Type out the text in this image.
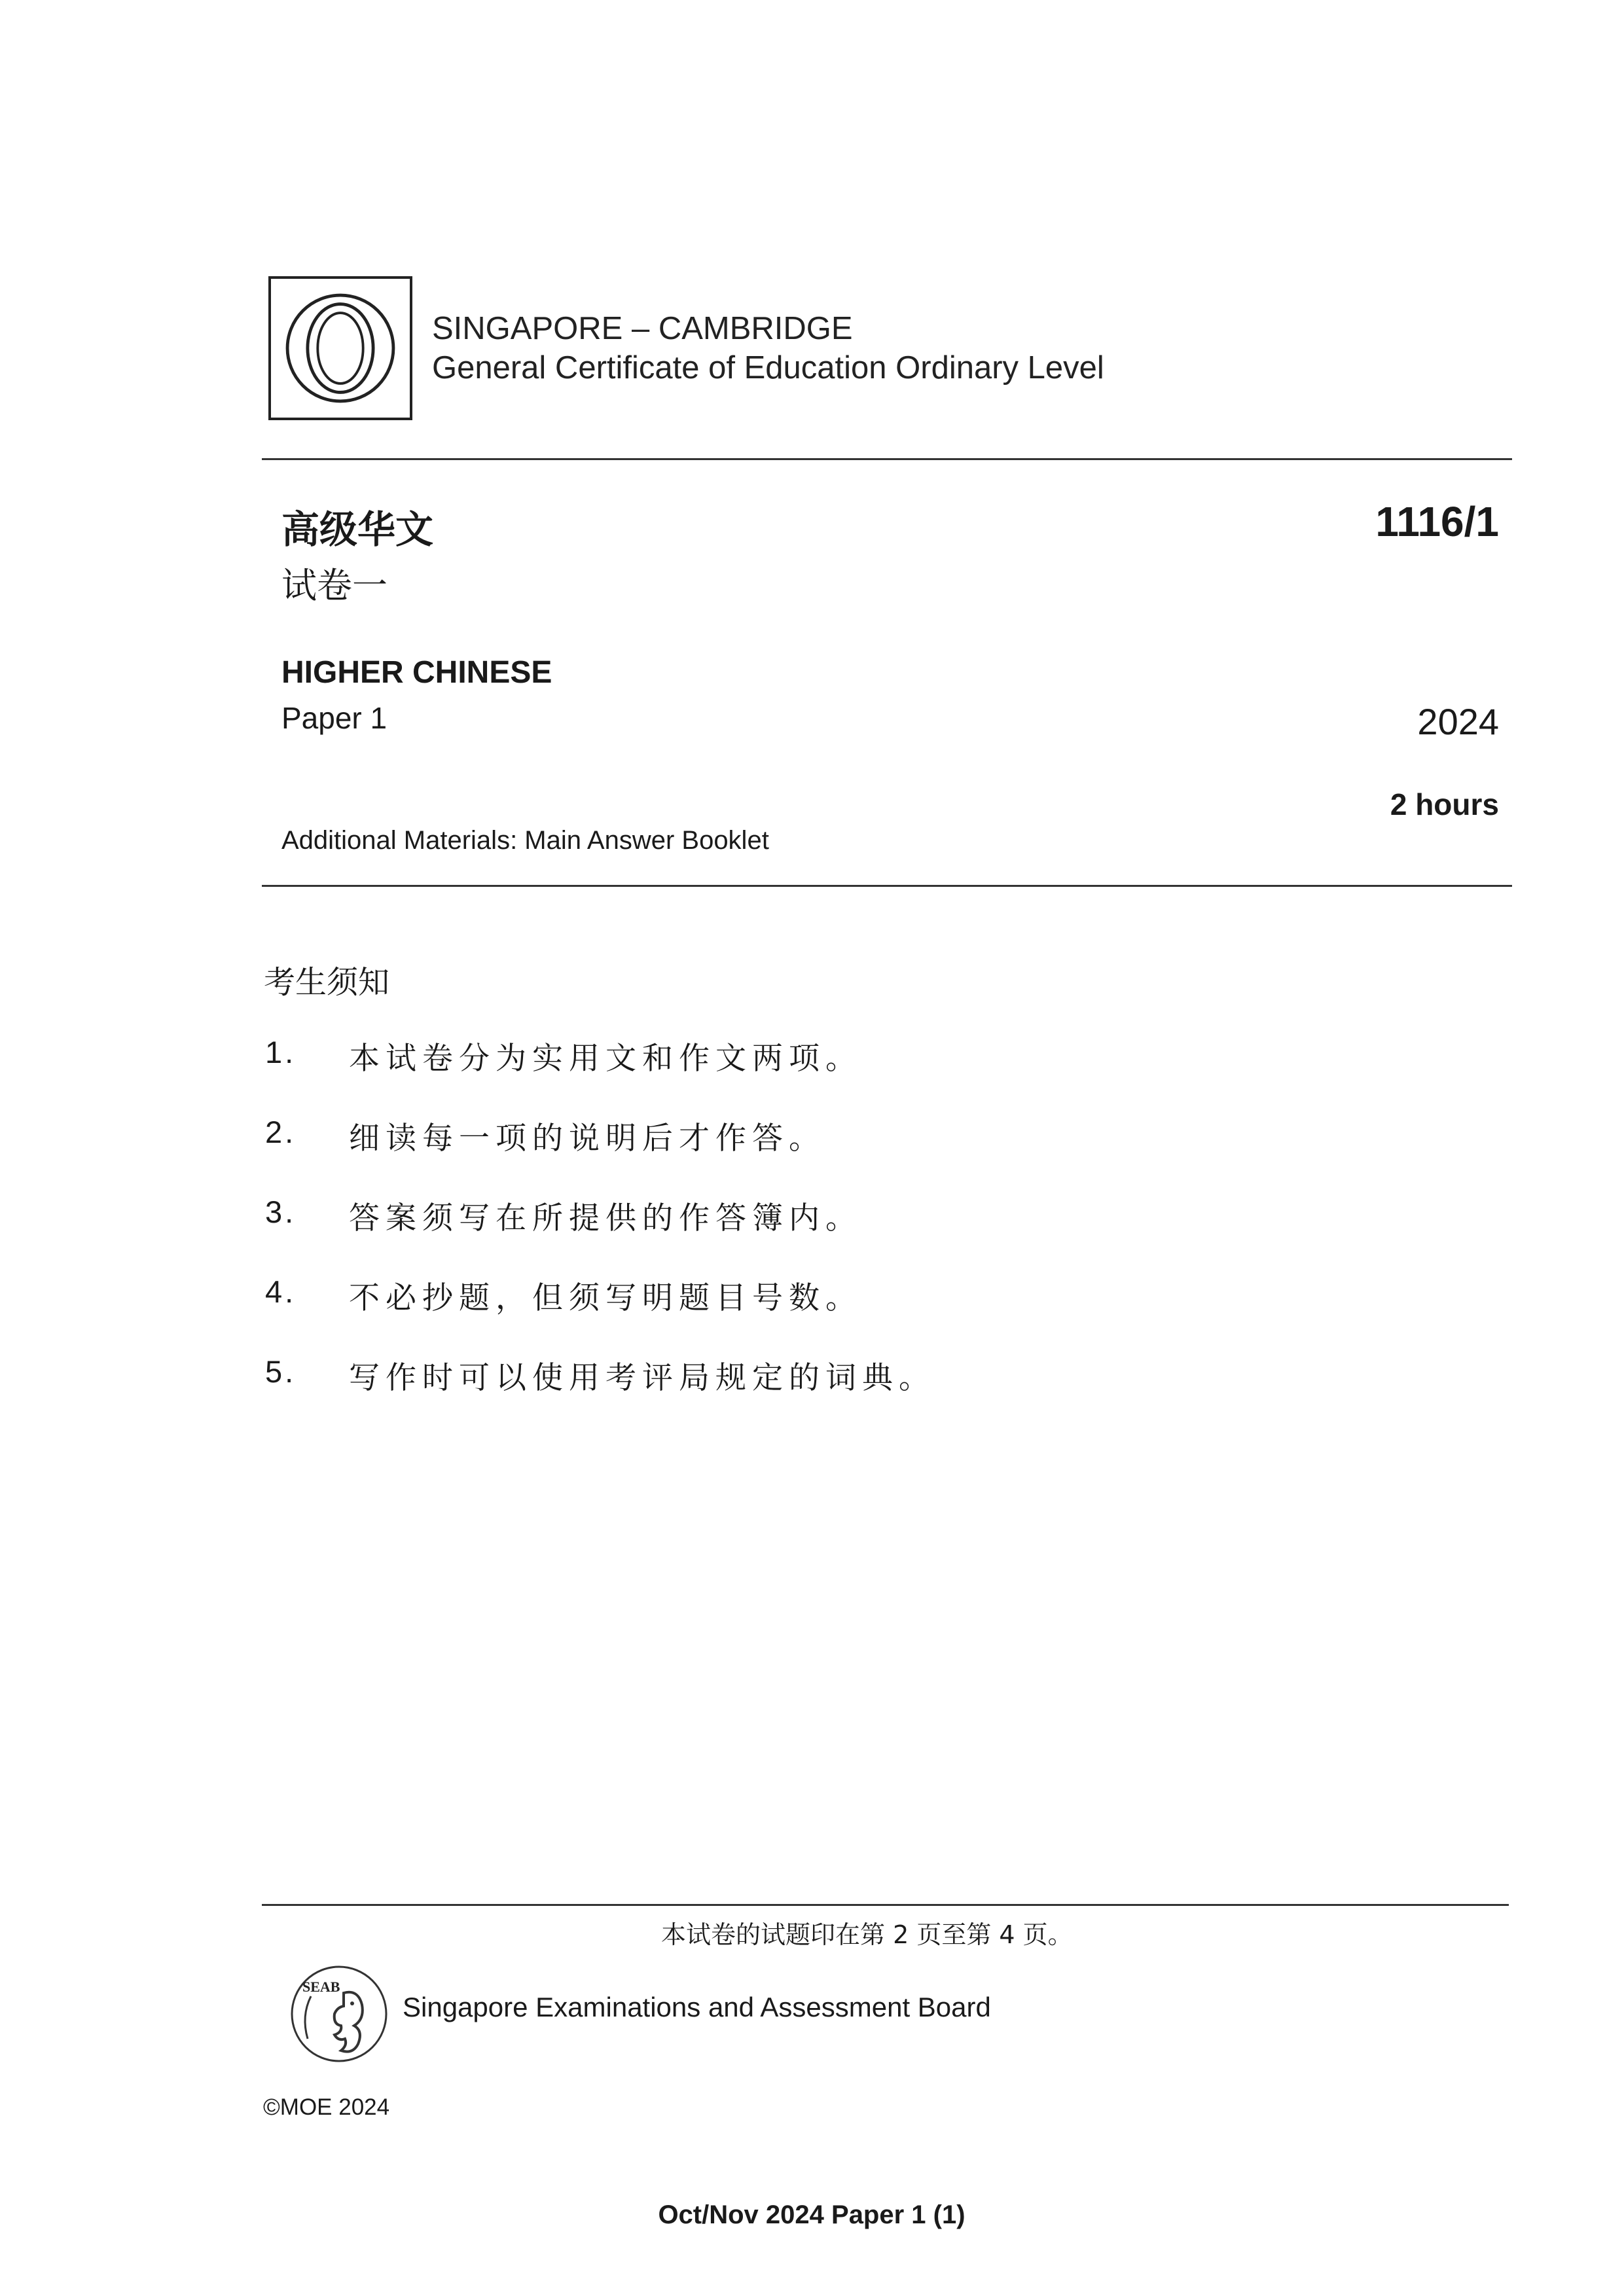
SINGAPORE – CAMBRIDGE
General Certificate of Education Ordinary Level
高级华文
试卷一
1116/1
HIGHER CHINESE
Paper 1	2024
2 hours
Additional Materials: Main Answer Booklet
考生须知
1.	本试卷分为实用文和作文两项。
2.	细读每一项的说明后才作答。
3.	答案须写在所提供的作答簿内。
4.	不必抄题，但须写明题目号数。
5.	写作时可以使用考评局规定的词典。
本试卷的试题印在第 2 页至第 4 页。
SEAB
Singapore Examinations and Assessment Board
©MOE 2024
Oct/Nov 2024 Paper 1 (1)
